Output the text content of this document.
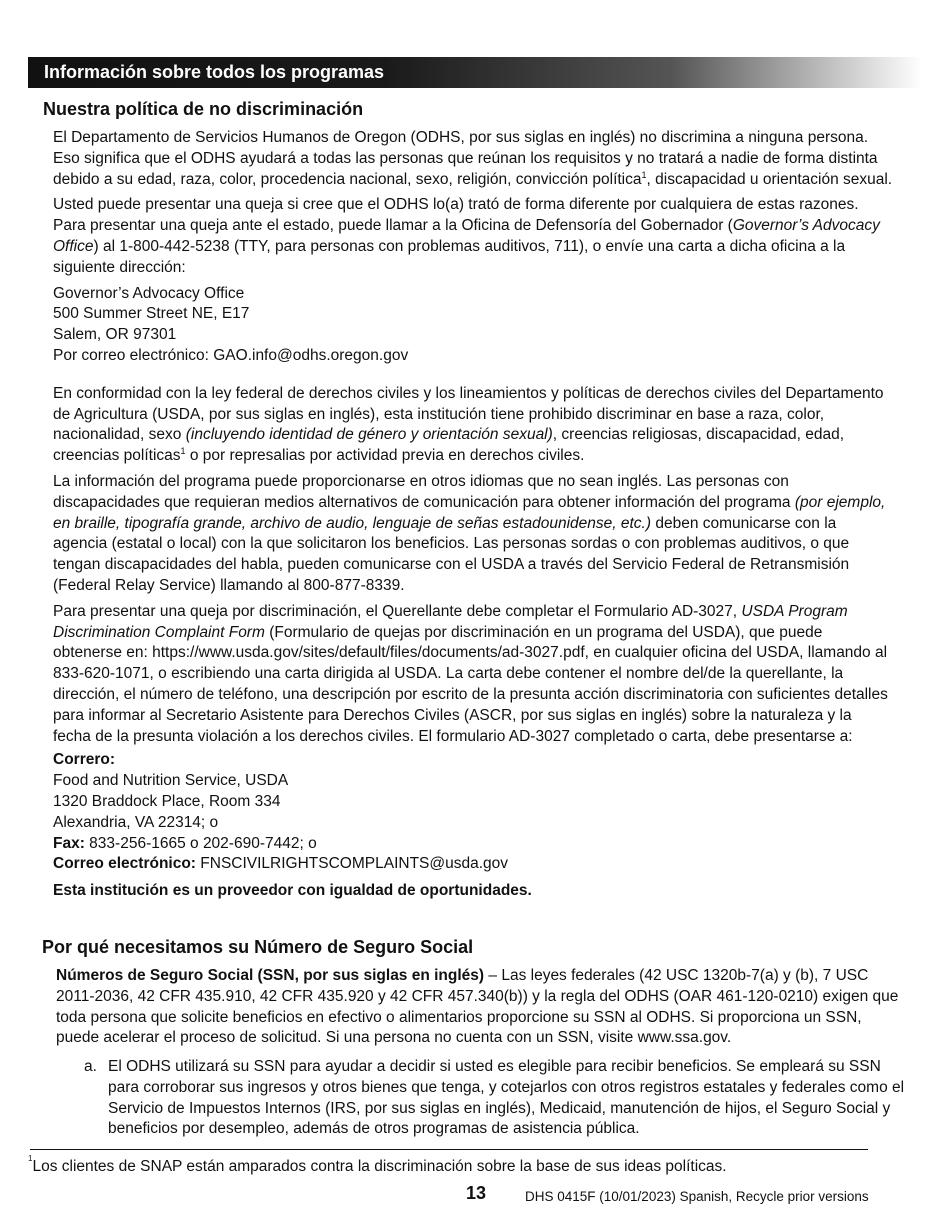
Información sobre todos los programas
Nuestra política de no discriminación

El Departamento de Servicios Humanos de Oregon (ODHS, por sus siglas en inglés) no discrimina a ninguna persona. Eso significa que el ODHS ayudará a todas las personas que reúnan los requisitos y no tratará a nadie de forma distinta debido a su edad, raza, color, procedencia nacional, sexo, religión, convicción política$^1$, discapacidad u orientación sexual.

Usted puede presentar una queja si cree que el ODHS lo(a) trató de forma diferente por cualquiera de estas razones. Para presentar una queja ante el estado, puede llamar a la Oficina de Defensoría del Gobernador (Governor’s Advocacy Office) al 1-800-442-5238 (TTY, para personas con problemas auditivos, 711), o envíe una carta a dicha oficina a la siguiente dirección:

Governor’s Advocacy Office
500 Summer Street NE, E17
Salem, OR 97301
Por correo electrónico: GAO.info@odhs.oregon.gov

En conformidad con la ley federal de derechos civiles y los lineamientos y políticas de derechos civiles del Departamento de Agricultura (USDA, por sus siglas en inglés), esta institución tiene prohibido discriminar en base a raza, color, nacionalidad, sexo (incluyendo identidad de género y orientación sexual), creencias religiosas, discapacidad, edad, creencias políticas$^1$ o por represalias por actividad previa en derechos civiles.

La información del programa puede proporcionarse en otros idiomas que no sean inglés. Las personas con discapacidades que requieran medios alternativos de comunicación para obtener información del programa (por ejemplo, en braille, tipografía grande, archivo de audio, lenguaje de señas estadounidense, etc.) deben comunicarse con la agencia (estatal o local) con la que solicitaron los beneficios. Las personas sordas o con problemas auditivos, o que tengan discapacidades del habla, pueden comunicarse con el USDA a través del Servicio Federal de Retransmisión (Federal Relay Service) llamando al 800-877-8339.

Para presentar una queja por discriminación, el Querellante debe completar el Formulario AD-3027, USDA Program Discrimination Complaint Form (Formulario de quejas por discriminación en un programa del USDA), que puede obtenerse en: https://www.usda.gov/sites/default/files/documents/ad-3027.pdf, en cualquier oficina del USDA, llamando al 833-620-1071, o escribiendo una carta dirigida al USDA. La carta debe contener el nombre del/de la querellante, la dirección, el número de teléfono, una descripción por escrito de la presunta acción discriminatoria con suficientes detalles para informar al Secretario Asistente para Derechos Civiles (ASCR, por sus siglas en inglés) sobre la naturaleza y la fecha de la presunta violación a los derechos civiles. El formulario AD-3027 completado o carta, debe presentarse a:

Correro:
Food and Nutrition Service, USDA
1320 Braddock Place, Room 334
Alexandria, VA 22314; o
Fax: 833-256-1665 o 202-690-7442; o
Correo electrónico: FNSCIVILRIGHTSCOMPLAINTS@usda.gov

Esta institución es un proveedor con igualdad de oportunidades.

Por qué necesitamos su Número de Seguro Social

Números de Seguro Social (SSN, por sus siglas en inglés) – Las leyes federales (42 USC 1320b-7(a) y (b), 7 USC 2011-2036, 42 CFR 435.910, 42 CFR 435.920 y 42 CFR 457.340(b)) y la regla del ODHS (OAR 461-120-0210) exigen que toda persona que solicite beneficios en efectivo o alimentarios proporcione su SSN al ODHS. Si proporciona un SSN, puede acelerar el proceso de solicitud. Si una persona no cuenta con un SSN, visite www.ssa.gov.

a. El ODHS utilizará su SSN para ayudar a decidir si usted es elegible para recibir beneficios. Se empleará su SSN para corroborar sus ingresos y otros bienes que tenga, y cotejarlos con otros registros estatales y federales como el Servicio de Impuestos Internos (IRS, por sus siglas en inglés), Medicaid, manutención de hijos, el Seguro Social y beneficios por desempleo, además de otros programas de asistencia pública.
$^1$Los clientes de SNAP están amparados contra la discriminación sobre la base de sus ideas políticas.
13	DHS 0415F (10/01/2023) Spanish, Recycle prior versions
